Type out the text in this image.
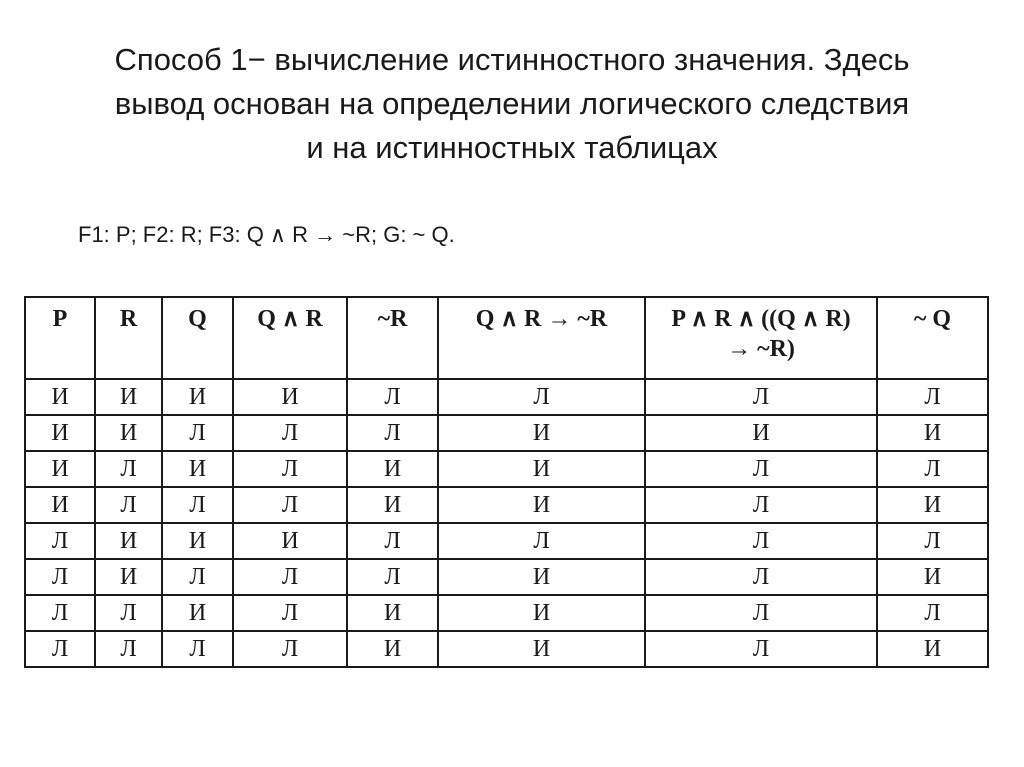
Способ 1− вычисление истинностного значения. Здесь
вывод основан на определении логического следствия
и на истинностных таблицах
F1: P; F2: R; F3: Q ∧ R → ~R; G: ~ Q.
P	R	Q	Q ∧ R	~R	Q ∧ R → ~R	P ∧ R ∧ ((Q ∧ R) → ~R)	~ Q
И	И	И	И	Л	Л	Л	Л
И	И	Л	Л	Л	И	И	И
И	Л	И	Л	И	И	Л	Л
И	Л	Л	Л	И	И	Л	И
Л	И	И	И	Л	Л	Л	Л
Л	И	Л	Л	Л	И	Л	И
Л	Л	И	Л	И	И	Л	Л
Л	Л	Л	Л	И	И	Л	И
